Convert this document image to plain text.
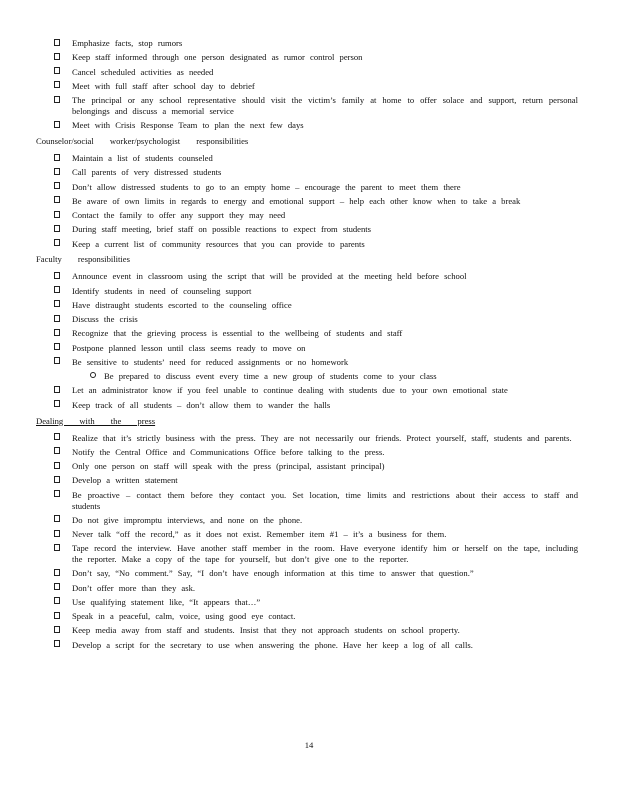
Emphasize facts, stop rumors
Keep staff informed through one person designated as rumor control person
Cancel scheduled activities as needed
Meet with full staff after school day to debrief
The principal or any school representative should visit the victim’s family at home to offer solace and support, return personal belongings and discuss a memorial service
Meet with Crisis Response Team to plan the next few days
Counselor/social worker/psychologist responsibilities
Maintain a list of students counseled
Call parents of very distressed students
Don’t allow distressed students to go to an empty home – encourage the parent to meet them there
Be aware of own limits in regards to energy and emotional support – help each other know when to take a break
Contact the family to offer any support they may need
During staff meeting, brief staff on possible reactions to expect from students
Keep a current list of community resources that you can provide to parents
Faculty responsibilities
Announce event in classroom using the script that will be provided at the meeting held before school
Identify students in need of counseling support
Have distraught students escorted to the counseling office
Discuss the crisis
Recognize that the grieving process is essential to the wellbeing of students and staff
Postpone planned lesson until class seems ready to move on
Be sensitive to students’ need for reduced assignments or no homework
Be prepared to discuss event every time a new group of students come to your class
Let an administrator know if you feel unable to continue dealing with students due to your own emotional state
Keep track of all students – don’t allow them to wander the halls
Dealing with the press
Realize that it’s strictly business with the press. They are not necessarily our friends. Protect yourself, staff, students and parents.
Notify the Central Office and Communications Office before talking to the press.
Only one person on staff will speak with the press (principal, assistant principal)
Develop a written statement
Be proactive – contact them before they contact you. Set location, time limits and restrictions about their access to staff and students
Do not give impromptu interviews, and none on the phone.
Never talk “off the record,” as it does not exist. Remember item #1 – it’s a business for them.
Tape record the interview. Have another staff member in the room. Have everyone identify him or herself on the tape, including the reporter. Make a copy of the tape for yourself, but don’t give one to the reporter.
Don’t say, “No comment.” Say, “I don’t have enough information at this time to answer that question.”
Don’t offer more than they ask.
Use qualifying statement like, “It appears that…”
Speak in a peaceful, calm, voice, using good eye contact.
Keep media away from staff and students. Insist that they not approach students on school property.
Develop a script for the secretary to use when answering the phone. Have her keep a log of all calls.
14
